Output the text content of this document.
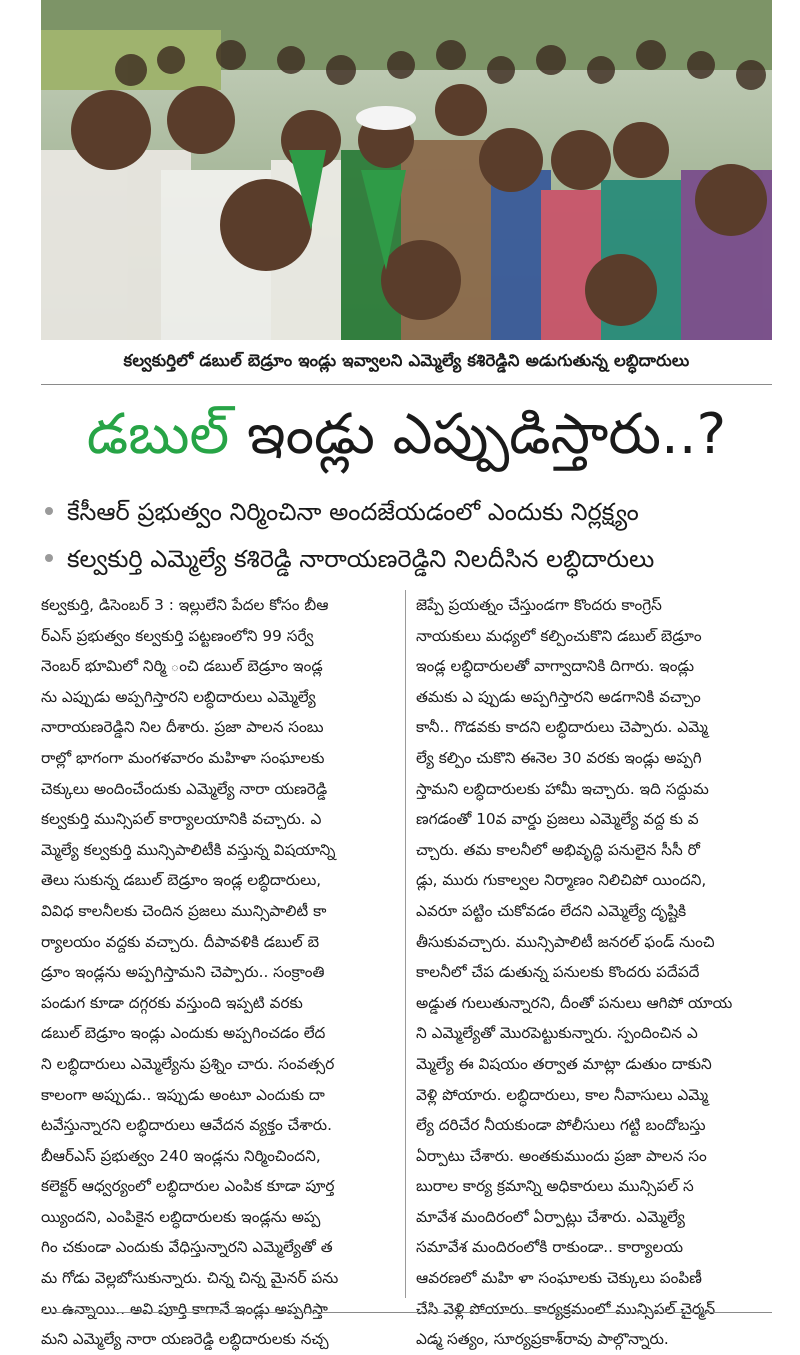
కల్వకుర్తిలో డబుల్ బెడ్రూం ఇండ్లు ఇవ్వాలని ఎమ్మెల్యే కశిరెడ్డిని అడుగుతున్న లబ్ధిదారులు
డబుల్ ఇండ్లు ఎప్పుడిస్తారు..?
కేసీఆర్ ప్రభుత్వం నిర్మించినా అందజేయడంలో ఎందుకు నిర్లక్ష్యం
కల్వకుర్తి ఎమ్మెల్యే కశిరెడ్డి నారాయణరెడ్డిని నిలదీసిన లబ్ధిదారులు

కల్వకుర్తి, డిసెంబర్ 3 : ఇల్లులేని పేదల కోసం బీఆ

ర్ఎస్ ప్రభుత్వం కల్వకుర్తి పట్టణంలోని 99 సర్వే

నెంబర్ భూమిలో నిర్మి ంచి డబుల్ బెడ్రూం ఇండ్ల

ను ఎప్పుడు అప్పగిస్తారని లబ్ధిదారులు ఎమ్మెల్యే

నారాయణరెడ్డిని నిల దీశారు. ప్రజా పాలన సంబు

రాల్లో భాగంగా మంగళవారం మహిళా సంఘాలకు

చెక్కులు అందించేందుకు ఎమ్మెల్యే నారా యణరెడ్డి

కల్వకుర్తి మున్సిపల్ కార్యాలయానికి వచ్చారు. ఎ

మ్మెల్యే కల్వకుర్తి మున్సిపాలిటీకి వస్తున్న విషయాన్ని

తెలు సుకున్న డబుల్ బెడ్రూం ఇండ్ల లబ్ధిదారులు,

వివిధ కాలనీలకు చెందిన ప్రజలు మున్సిపాలిటీ కా

ర్యాలయం వద్దకు వచ్చారు. దీపావళికి డబుల్ బె

డ్రూం ఇండ్లను అప్పగిస్తామని చెప్పారు.. సంక్రాంతి

పండుగ కూడా దగ్గరకు వస్తుంది ఇప్పటి వరకు

డబుల్ బెడ్రూం ఇండ్లు ఎందుకు అప్పగించడం లేద

ని లబ్ధిదారులు ఎమ్మెల్యేను ప్రశ్నిం చారు. సంవత్సర

కాలంగా అప్పుడు.. ఇప్పుడు అంటూ ఎందుకు దా

టవేస్తున్నారని లబ్ధిదారులు ఆవేదన వ్యక్తం చేశారు.

బీఆర్ఎస్ ప్రభుత్వం 240 ఇండ్లను నిర్మించిందని,

కలెక్టర్ ఆధ్వర్యంలో లబ్ధిదారుల ఎంపిక కూడా పూర్త

య్యిందని, ఎంపికైన లబ్ధిదారులకు ఇండ్లను అప్ప

గిం చకుండా ఎందుకు వేధిస్తున్నారని ఎమ్మెల్యేతో త

మ గోడు వెల్లబోసుకున్నారు. చిన్న చిన్న మైనర్ పను

లు ఉన్నాయి.. అవి పూర్తి కాగానే ఇండ్లు అప్పగిస్తా

మని ఎమ్మెల్యే నారా యణరెడ్డి లబ్ధిదారులకు నచ్చ

జెప్పే ప్రయత్నం చేస్తుండగా కొందరు కాంగ్రెస్

నాయకులు మధ్యలో కల్పించుకొని డబుల్ బెడ్రూం

ఇండ్ల లబ్ధిదారులతో వాగ్వాదానికి దిగారు. ఇండ్లు

తమకు ఎ ప్పుడు అప్పగిస్తారని అడగానికి వచ్చాం

కానీ.. గొడవకు కాదని లబ్ధిదారులు చెప్పారు. ఎమ్మె

ల్యే కల్పిం చుకొని ఈనెల 30 వరకు ఇండ్లు అప్పగి

స్తామని లబ్ధిదారులకు హామీ ఇచ్చారు. ఇది సద్దుమ

ణగడంతో 10వ వార్డు ప్రజలు ఎమ్మెల్యే వద్ద కు వ

చ్చారు. తమ కాలనీలో అభివృద్ధి పనులైన సీసీ రో

డ్లు, మురు గుకాల్వల నిర్మాణం నిలిచిపో యిందని,

ఎవరూ పట్టిం చుకోవడం లేదని ఎమ్మెల్యే దృష్టికి

తీసుకువచ్చారు. మున్సిపాలిటీ జనరల్ ఫండ్ నుంచి

కాలనీలో చేప డుతున్న పనులకు కొందరు పదేపదే

అడ్డుత గులుతున్నారని, దీంతో పనులు ఆగిపో యాయ

ని ఎమ్మెల్యేతో మొరపెట్టుకున్నారు. స్పందించిన ఎ

మ్మెల్యే ఈ విషయం తర్వాత మాట్లా డుతుం దాకుని

వెళ్లి పోయారు. లబ్ధిదారులు, కాల నీవాసులు ఎమ్మె

ల్యే దరిచేర నీయకుండా పోలీసులు గట్టి బందోబస్తు

ఏర్పాటు చేశారు. అంతకుముందు ప్రజా పాలన సం

బురాల కార్య క్రమాన్ని అధికారులు మున్సిపల్ స

మావేశ మందిరంలో ఏర్పాట్లు చేశారు. ఎమ్మెల్యే

సమావేశ మందిరంలోకి రాకుండా.. కార్యాలయ

ఆవరణలో మహి ళా సంఘాలకు చెక్కులు పంపిణీ

చేసి వెళ్లి పోయారు. కార్యక్రమంలో మున్సిపల్ చైర్మన్

ఎడ్మ సత్యం, సూర్యప్రకాశ్‌రావు పాల్గొన్నారు.
